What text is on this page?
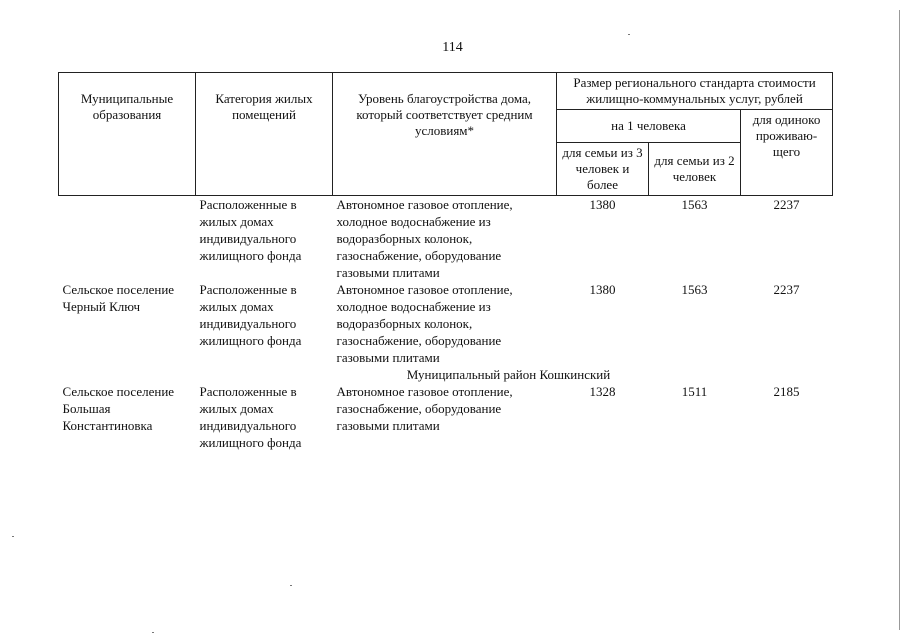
114
Муниципальные образования	Категория жилых помещений	Уровень благоустройства дома, который соответствует средним условиям*	Размер регионального стандарта стоимости жилищно-коммунальных услуг, рублей		
			на 1 человека		для одиноко проживаю-щего
			для семьи из 3 человек и более	для семьи из 2 человек	
	Расположенные в жилых домах индивидуального жилищного фонда	Автономное газовое отопление, холодное водоснабжение из водоразборных колонок, газоснабжение, оборудование газовыми плитами	1380	1563	2237
Сельское поселение Черный Ключ	Расположенные в жилых домах индивидуального жилищного фонда	Автономное газовое отопление, холодное водоснабжение из водоразборных колонок, газоснабжение, оборудование газовыми плитами	1380	1563	2237
Муниципальный район Кошкинский					
Сельское поселение Большая Константиновка	Расположенные в жилых домах индивидуального жилищного фонда	Автономное газовое отопление, газоснабжение, оборудование газовыми плитами	1328	1511	2185
